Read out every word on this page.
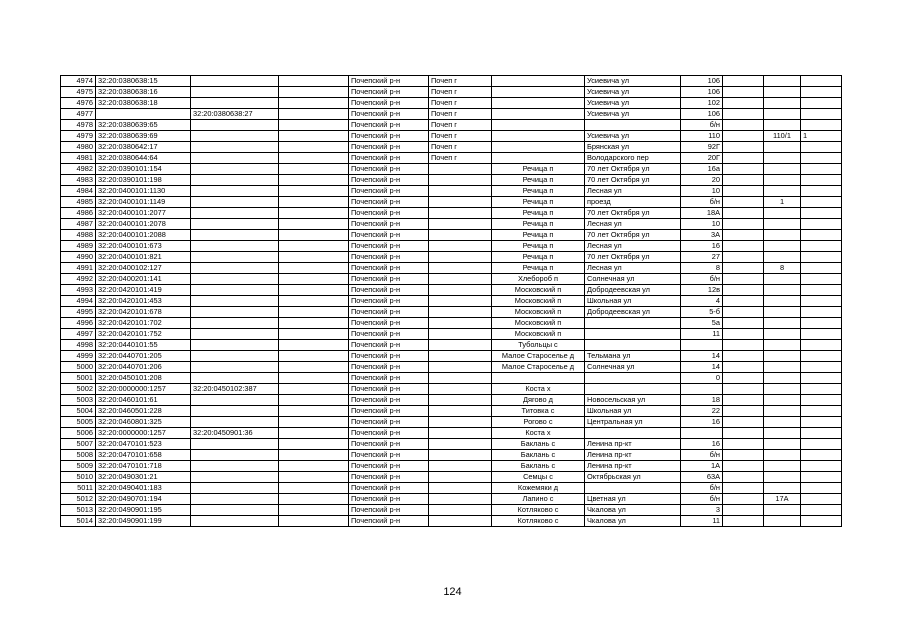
4974	32:20:0380638:15			Почепский р-н	Почеп г		Усиевича ул	106			
4975	32:20:0380638:16			Почепский р-н	Почеп г		Усиевича ул	106			
4976	32:20:0380638:18			Почепский р-н	Почеп г		Усиевича ул	102			
4977		32:20:0380638:27		Почепский р-н	Почеп г		Усиевича ул	106			
4978	32:20:0380639:65			Почепский р-н	Почеп г			б/н			
4979	32:20:0380639:69			Почепский р-н	Почеп г		Усиевича ул	110		110/1	1
4980	32:20:0380642:17			Почепский р-н	Почеп г		Брянская ул	92Г			
4981	32:20:0380644:64			Почепский р-н	Почеп г		Володарского пер	20Г			
4982	32:20:0390101:154			Почепский р-н		Речица п	70 лет Октября ул	16а			
4983	32:20:0390101:198			Почепский р-н		Речица п	70 лет Октября ул	20			
4984	32:20:0400101:1130			Почепский р-н		Речица п	Лесная ул	10			
4985	32:20:0400101:1149			Почепский р-н		Речица п	проезд	б/н		1	
4986	32:20:0400101:2077			Почепский р-н		Речица п	70 лет Октября ул	18А			
4987	32:20:0400101:2078			Почепский р-н		Речица п	Лесная ул	10			
4988	32:20:0400101:2088			Почепский р-н		Речица п	70 лет Октября ул	3А			
4989	32:20:0400101:673			Почепский р-н		Речица п	Лесная ул	16			
4990	32:20:0400101:821			Почепский р-н		Речица п	70 лет Октября ул	27			
4991	32:20:0400102:127			Почепский р-н		Речица п	Лесная ул	8		8	
4992	32:20:0400201:141			Почепский р-н		Хлебороб п	Солнечная ул	б/н			
4993	32:20:0420101:419			Почепский р-н		Московский п	Добродеевская ул	12в			
4994	32:20:0420101:453			Почепский р-н		Московский п	Школьная ул	4			
4995	32:20:0420101:678			Почепский р-н		Московский п	Добродеевская ул	5-б			
4996	32:20:0420101:702			Почепский р-н		Московский п		5а			
4997	32:20:0420101:752			Почепский р-н		Московский п		11			
4998	32:20:0440101:55			Почепский р-н		Тубольцы с					
4999	32:20:0440701:205			Почепский р-н		Малое Староселье д	Тельмана ул	14			
5000	32:20:0440701:206			Почепский р-н		Малое Староселье д	Солнечная ул	14			
5001	32:20:0450101:208			Почепский р-н				0			
5002	32:20:0000000:1257	32:20:0450102:387		Почепский р-н		Коста х					
5003	32:20:0460101:61			Почепский р-н		Дягово д	Новосельская ул	18			
5004	32:20:0460501:228			Почепский р-н		Титовка с	Школьная ул	22			
5005	32:20:0460801:325			Почепский р-н		Рогово с	Центральная ул	16			
5006	32:20:0000000:1257	32:20:0450901:36		Почепский р-н		Коста х					
5007	32:20:0470101:523			Почепский р-н		Баклань с	Ленина пр-кт	16			
5008	32:20:0470101:658			Почепский р-н		Баклань с	Ленина пр-кт	б/н			
5009	32:20:0470101:718			Почепский р-н		Баклань с	Ленина пр-кт	1А			
5010	32:20:0490301:21			Почепский р-н		Семцы с	Октябрьская ул	63А			
5011	32:20:0490401:183			Почепский р-н		Кожемяки д		б/н			
5012	32:20:0490701:194			Почепский р-н		Лапино с	Цветная ул	б/н		17А	
5013	32:20:0490901:195			Почепский р-н		Котляково с	Чкалова ул	3			
5014	32:20:0490901:199			Почепский р-н		Котляково с	Чкалова ул	11			
124
